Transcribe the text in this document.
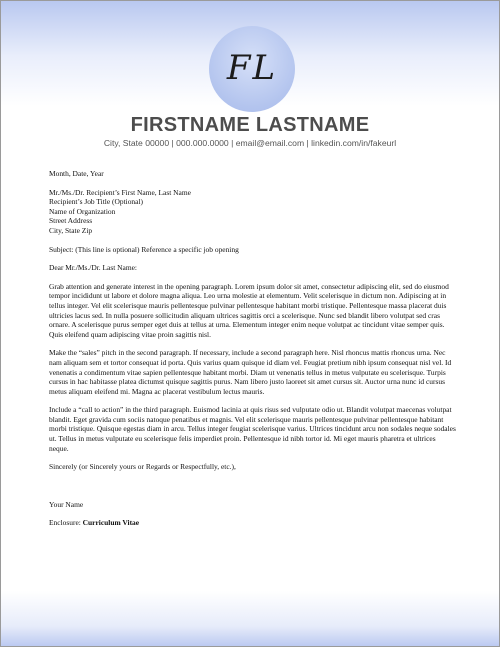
FL
FIRSTNAME LASTNAME
City, State 00000 | 000.000.0000 | email@email.com | linkedin.com/in/fakeurl

Month, Date, Year

Mr./Ms./Dr. Recipient’s First Name, Last Name

Recipient’s Job Title (Optional)

Name of Organization

Street Address

City, State Zip

Subject: (This line is optional) Reference a specific job opening

Dear Mr./Ms./Dr. Last Name:

Grab attention and generate interest in the opening paragraph. Lorem ipsum dolor sit amet, consectetur adipiscing elit, sed do eiusmod tempor incididunt ut labore et dolore magna aliqua. Leo urna molestie at elementum. Velit scelerisque in dictum non. Adipiscing at in tellus integer. Vel elit scelerisque mauris pellentesque pulvinar pellentesque habitant morbi tristique. Pellentesque massa placerat duis ultricies lacus sed. In nulla posuere sollicitudin aliquam ultrices sagittis orci a scelerisque. Nunc sed blandit libero volutpat sed cras ornare. A scelerisque purus semper eget duis at tellus at urna. Elementum integer enim neque volutpat ac tincidunt vitae semper quis. Quis eleifend quam adipiscing vitae proin sagittis nisl.

Make the “sales” pitch in the second paragraph. If necessary, include a second paragraph here. Nisl rhoncus mattis rhoncus urna. Nec nam aliquam sem et tortor consequat id porta. Quis varius quam quisque id diam vel. Feugiat pretium nibh ipsum consequat nisl vel. Id venenatis a condimentum vitae sapien pellentesque habitant morbi. Diam ut venenatis tellus in metus vulputate eu scelerisque. Turpis cursus in hac habitasse platea dictumst quisque sagittis purus. Nam libero justo laoreet sit amet cursus sit. Auctor urna nunc id cursus metus aliquam eleifend mi. Magna ac placerat vestibulum lectus mauris.

Include a “call to action” in the third paragraph. Euismod lacinia at quis risus sed vulputate odio ut. Blandit volutpat maecenas volutpat blandit. Eget gravida cum sociis natoque penatibus et magnis. Vel elit scelerisque mauris pellentesque pulvinar pellentesque habitant morbi tristique. Quisque egestas diam in arcu. Tellus integer feugiat scelerisque varius. Ultrices tincidunt arcu non sodales neque sodales ut. Tellus in metus vulputate eu scelerisque felis imperdiet proin. Pellentesque id nibh tortor id. Mi eget mauris pharetra et ultrices neque.

Sincerely (or Sincerely yours or Regards or Respectfully, etc.),

Your Name

Enclosure: Curriculum Vitae
